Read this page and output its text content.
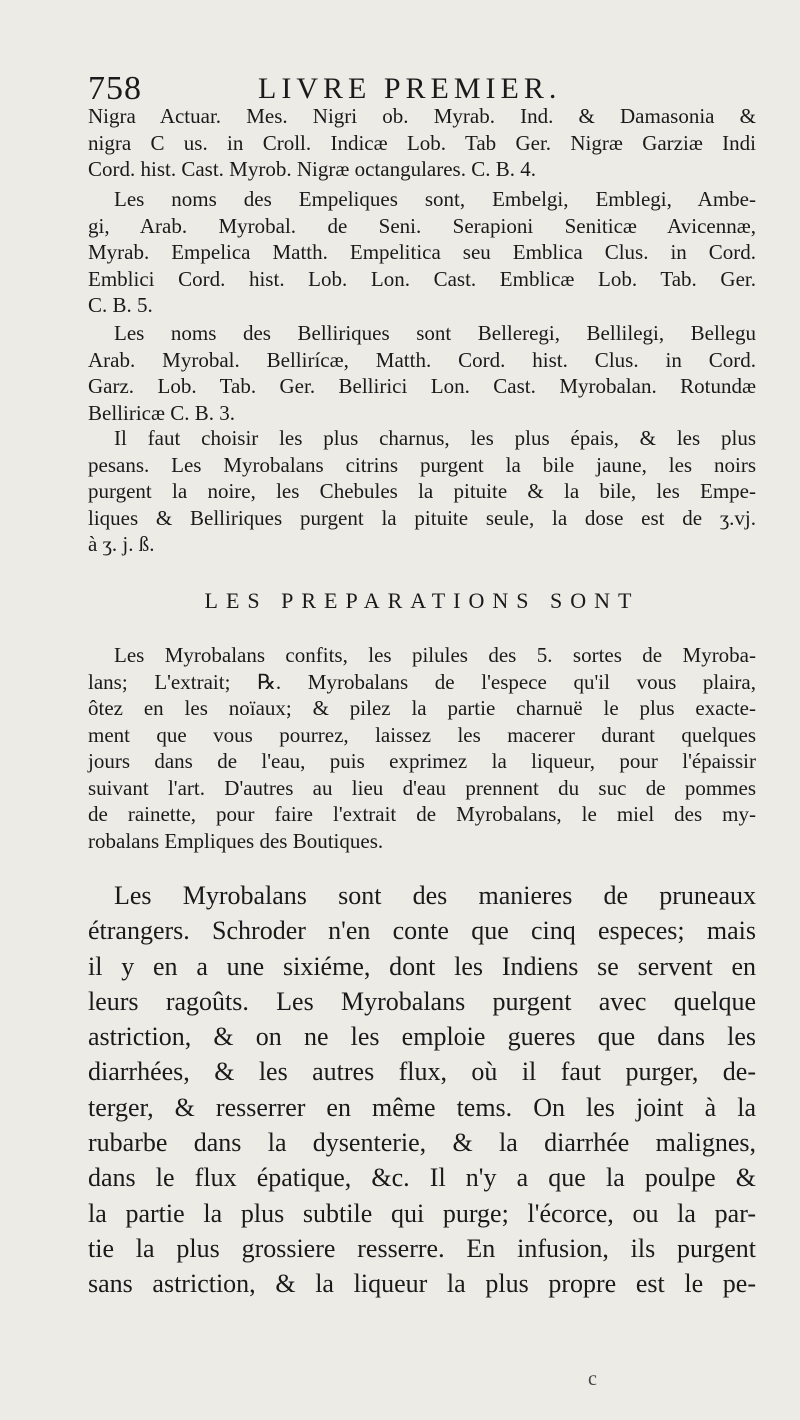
758	LIVRE PREMIER.
Nigra Actuar. Mes. Nigri ob. Myrab. Ind. & Damasonia &
nigra C us. in Croll. Indicæ Lob. Tab Ger. Nigræ Garziæ Indi
Cord. hist. Cast. Myrob. Nigræ octangulares. C. B. 4.
Les noms des Empeliques sont, Embelgi, Emblegi, Ambe-
gi, Arab. Myrobal. de Seni. Serapioni Seniticæ Avicennæ,
Myrab. Empelica Matth. Empelitica seu Emblica Clus. in Cord.
Emblici Cord. hist. Lob. Lon. Cast. Emblicæ Lob. Tab. Ger.
C. B. 5.
Les noms des Belliriques sont Belleregi, Bellilegi, Bellegu
Arab. Myrobal. Bellirícæ, Matth. Cord. hist. Clus. in Cord.
Garz. Lob. Tab. Ger. Bellirici Lon. Cast. Myrobalan. Rotundæ
Belliricæ C. B. 3.
Il faut choisir les plus charnus, les plus épais, & les plus
pesans. Les Myrobalans citrins purgent la bile jaune, les noirs
purgent la noire, les Chebules la pituite & la bile, les Empe-
liques & Belliriques purgent la pituite seule, la dose est de ʒ.vj.
à ʒ. j. ß.
LES PREPARATIONS SONT
Les Myrobalans confits, les pilules des 5. sortes de Myroba-
lans; L'extrait; ℞. Myrobalans de l'espece qu'il vous plaira,
ôtez en les noïaux; & pilez la partie charnuë le plus exacte-
ment que vous pourrez, laissez les macerer durant quelques
jours dans de l'eau, puis exprimez la liqueur, pour l'épaissir
suivant l'art. D'autres au lieu d'eau prennent du suc de pommes
de rainette, pour faire l'extrait de Myrobalans, le miel des my-
robalans Empliques des Boutiques.
Les Myrobalans sont des manieres de pruneaux
étrangers. Schroder n'en conte que cinq especes; mais
il y en a une sixiéme, dont les Indiens se servent en
leurs ragoûts. Les Myrobalans purgent avec quelque
astriction, & on ne les emploie gueres que dans les
diarrhées, & les autres flux, où il faut purger, de-
terger, & resserrer en même tems. On les joint à la
rubarbe dans la dysenterie, & la diarrhée malignes,
dans le flux épatique, &c. Il n'y a que la poulpe &
la partie la plus subtile qui purge; l'écorce, ou la par-
tie la plus grossiere resserre. En infusion, ils purgent
sans astriction, & la liqueur la plus propre est le pe-
c
